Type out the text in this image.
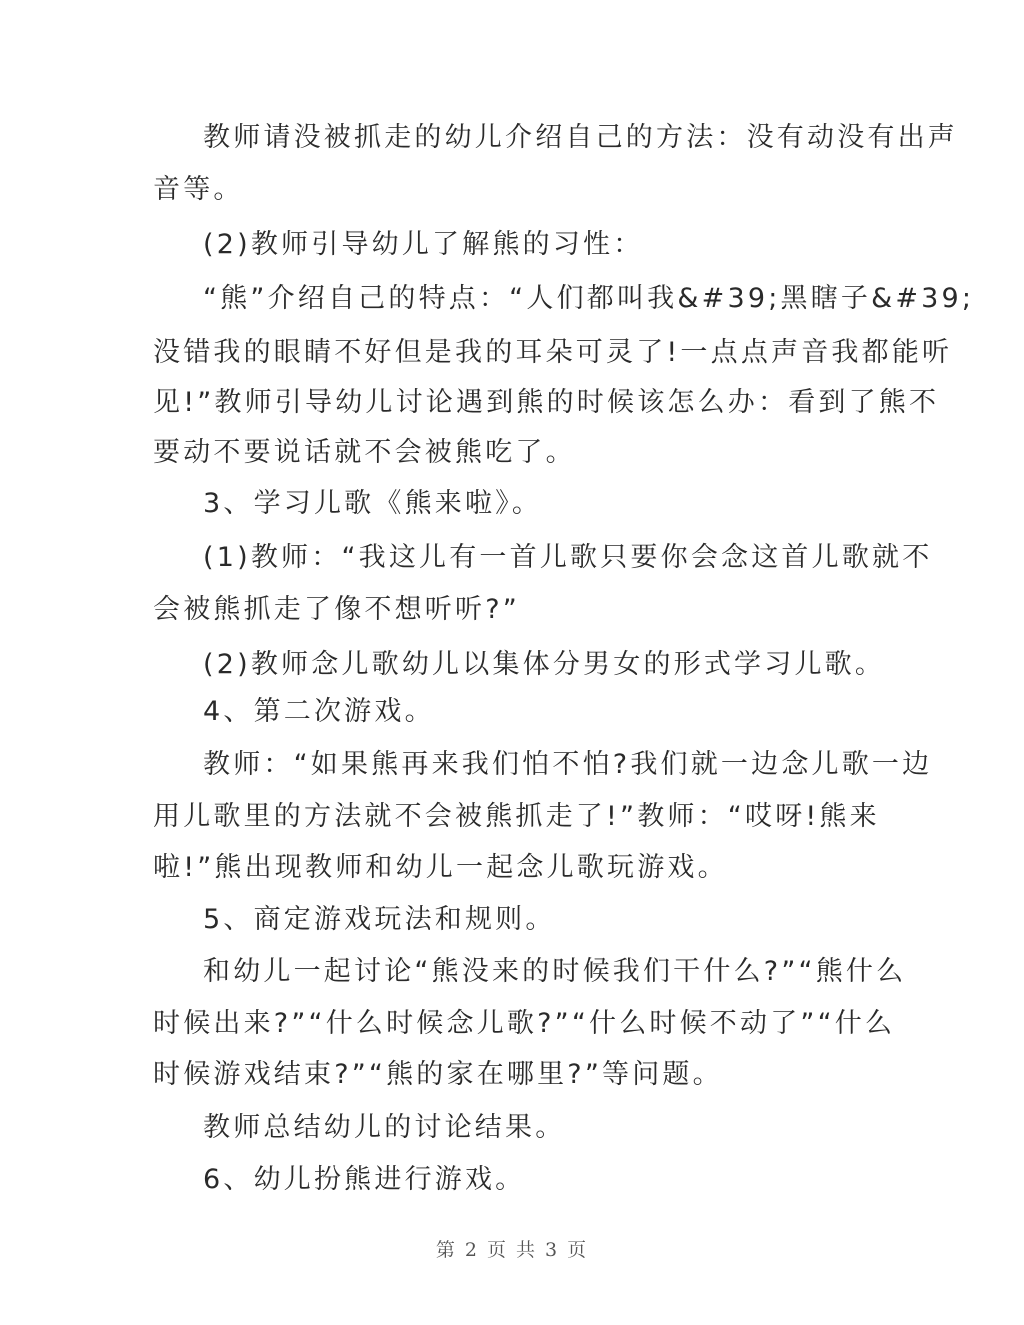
教师请没被抓走的幼儿介绍自己的方法：没有动没有出声
音等。
(2)教师引导幼儿了解熊的习性：
“熊”介绍自己的特点：“人们都叫我&#39;黑瞎子&#39;
没错我的眼睛不好但是我的耳朵可灵了!一点点声音我都能听
见!”教师引导幼儿讨论遇到熊的时候该怎么办：看到了熊不
要动不要说话就不会被熊吃了。
3、学习儿歌《熊来啦》。
(1)教师：“我这儿有一首儿歌只要你会念这首儿歌就不
会被熊抓走了像不想听听?”
(2)教师念儿歌幼儿以集体分男女的形式学习儿歌。
4、第二次游戏。
教师：“如果熊再来我们怕不怕?我们就一边念儿歌一边
用儿歌里的方法就不会被熊抓走了!”教师：“哎呀!熊来
啦!”熊出现教师和幼儿一起念儿歌玩游戏。
5、商定游戏玩法和规则。
和幼儿一起讨论“熊没来的时候我们干什么?”“熊什么
时候出来?”“什么时候念儿歌?”“什么时候不动了”“什么
时候游戏结束?”“熊的家在哪里?”等问题。
教师总结幼儿的讨论结果。
6、幼儿扮熊进行游戏。
第 2 页 共 3 页
